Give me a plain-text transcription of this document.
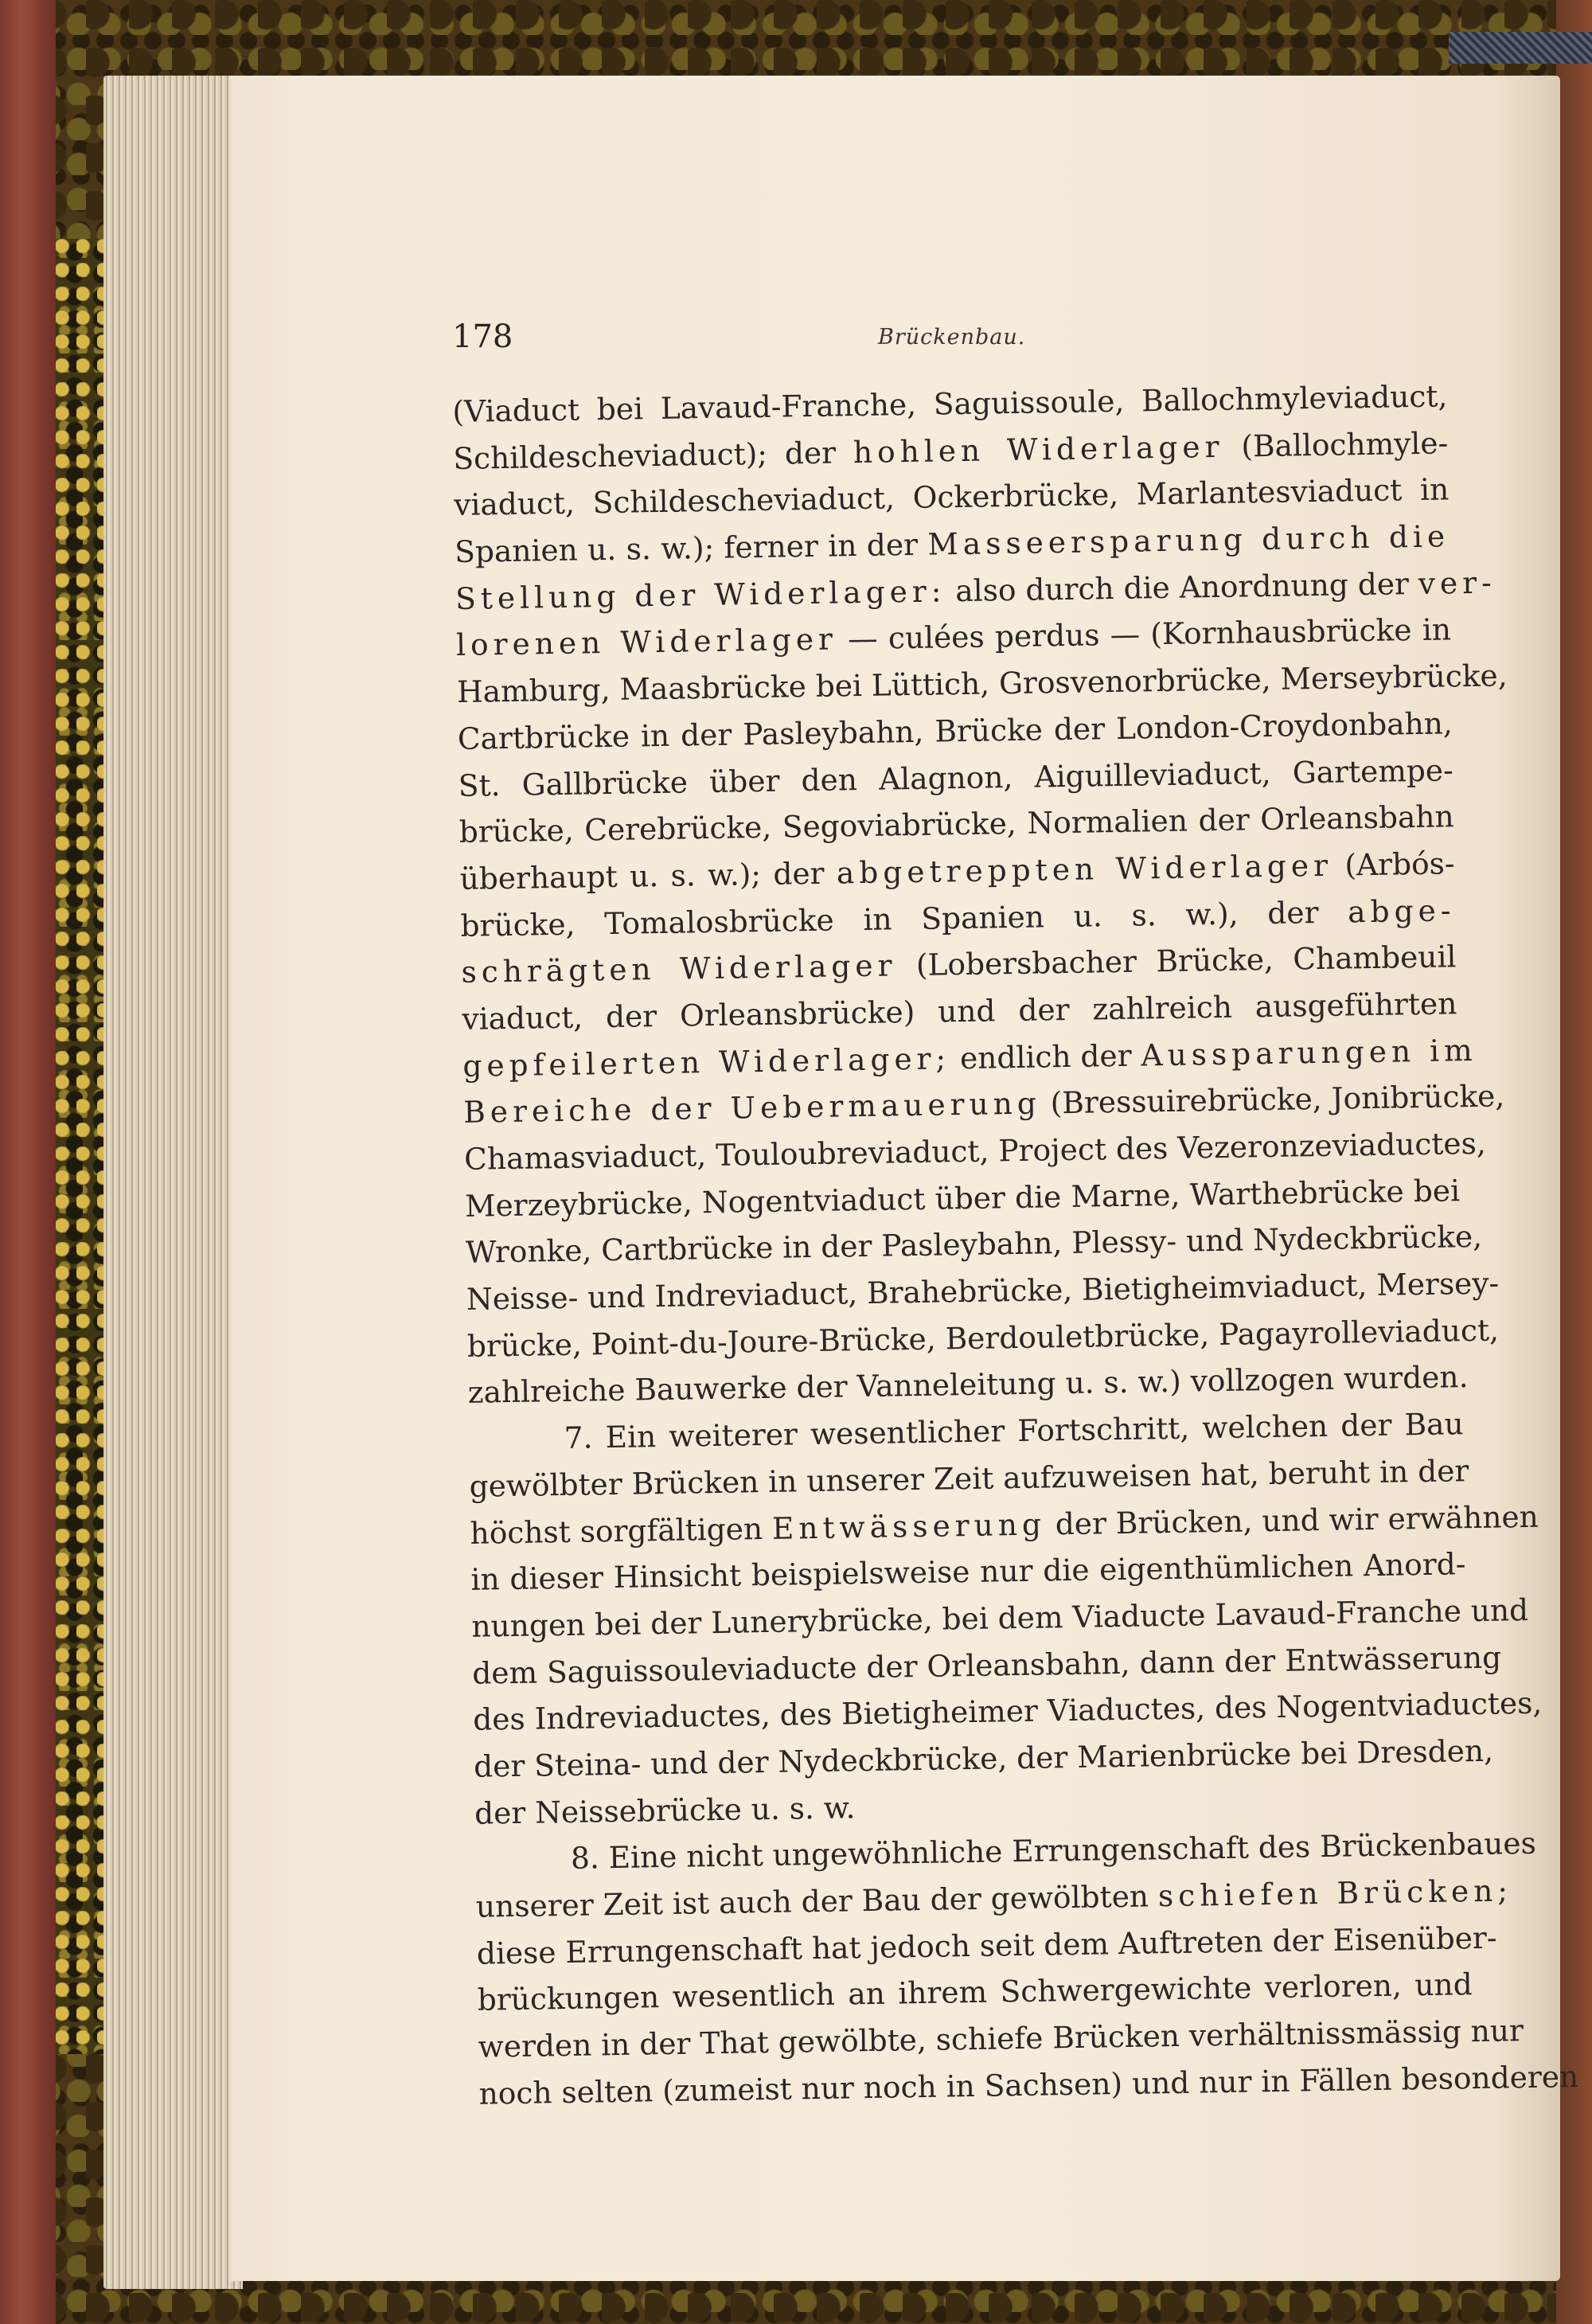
178	Brückenbau.
(Viaduct bei Lavaud-Franche, Saguissoule, Ballochmyleviaduct,
Schildescheviaduct); der hohlen Widerlager (Ballochmyle-
viaduct, Schildescheviaduct, Ockerbrücke, Marlantesviaduct in
Spanien u. s. w.); ferner in der Masseersparung durch die
Stellung der Widerlager: also durch die Anordnung der ver-
lorenen Widerlager — culées perdus — (Kornhausbrücke in
Hamburg, Maasbrücke bei Lüttich, Grosvenorbrücke, Merseybrücke,
Cartbrücke in der Pasleybahn, Brücke der London-Croydonbahn,
St. Gallbrücke über den Alagnon, Aiguilleviaduct, Gartempe-
brücke, Cerebrücke, Segoviabrücke, Normalien der Orleansbahn
überhaupt u. s. w.); der abgetreppten Widerlager (Arbós-
brücke, Tomalosbrücke in Spanien u. s. w.), der abge-
schrägten Widerlager (Lobersbacher Brücke, Chambeuil
viaduct, der Orleansbrücke) und der zahlreich ausgeführten
gepfeilerten Widerlager; endlich der Aussparungen im
Bereiche der Uebermauerung (Bressuirebrücke, Jonibrücke,
Chamasviaduct, Touloubreviaduct, Project des Vezeronzeviaductes,
Merzeybrücke, Nogentviaduct über die Marne, Warthebrücke bei
Wronke, Cartbrücke in der Pasleybahn, Plessy- und Nydeckbrücke,
Neisse- und Indreviaduct, Brahebrücke, Bietigheimviaduct, Mersey-
brücke, Point-du-Joure-Brücke, Berdouletbrücke, Pagayrolleviaduct,
zahlreiche Bauwerke der Vanneleitung u. s. w.) vollzogen wurden.
7. Ein weiterer wesentlicher Fortschritt, welchen der Bau
gewölbter Brücken in unserer Zeit aufzuweisen hat, beruht in der
höchst sorgfältigen Entwässerung der Brücken, und wir erwähnen
in dieser Hinsicht beispielsweise nur die eigenthümlichen Anord-
nungen bei der Lunerybrücke, bei dem Viaducte Lavaud-Franche und
dem Saguissouleviaducte der Orleansbahn, dann der Entwässerung
des Indreviaductes, des Bietigheimer Viaductes, des Nogentviaductes,
der Steina- und der Nydeckbrücke, der Marienbrücke bei Dresden,
der Neissebrücke u. s. w.
8. Eine nicht ungewöhnliche Errungenschaft des Brückenbaues
unserer Zeit ist auch der Bau der gewölbten schiefen Brücken;
diese Errungenschaft hat jedoch seit dem Auftreten der Eisenüber-
brückungen wesentlich an ihrem Schwergewichte verloren, und
werden in der That gewölbte, schiefe Brücken verhältnissmässig nur
noch selten (zumeist nur noch in Sachsen) und nur in Fällen besonderen
